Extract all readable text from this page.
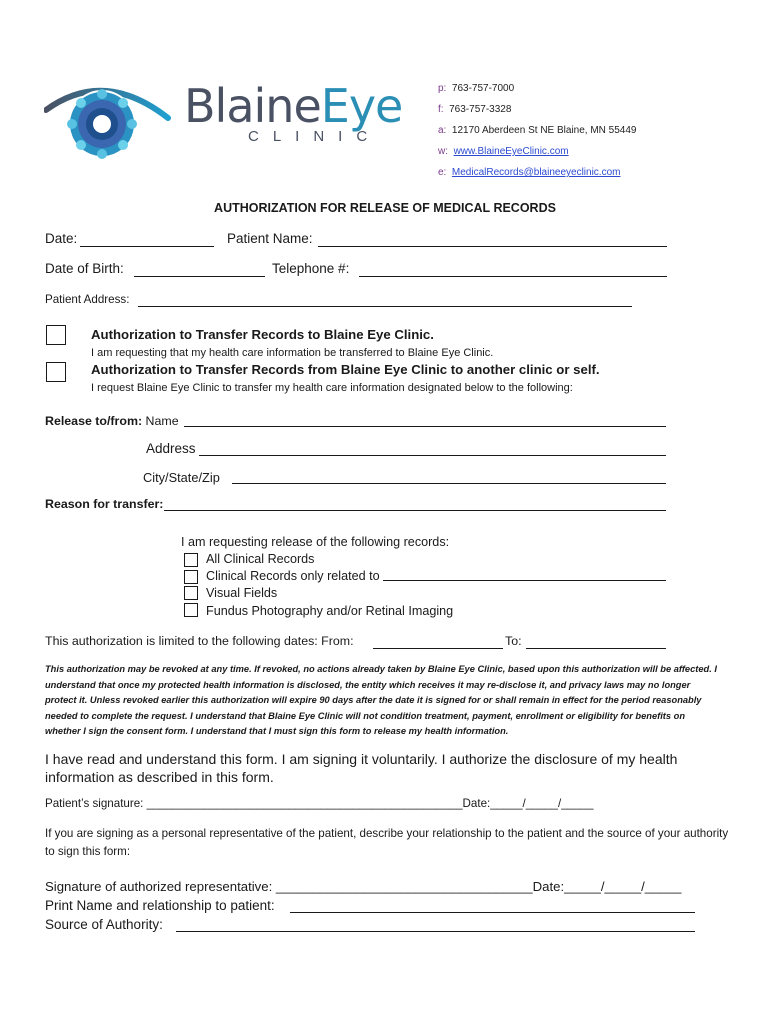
BlaineEye
CLINIC
p: 763-757-7000
f: 763-757-3328
a: 12170 Aberdeen St NE Blaine, MN 55449
w: www.BlaineEyeClinic.com
e: MedicalRecords@blaineeyeclinic.com
AUTHORIZATION FOR RELEASE OF MEDICAL RECORDS
Date:	Patient Name:
Date of Birth:	Telephone #:
Patient Address:
Authorization to Transfer Records to Blaine Eye Clinic.
I am requesting that my health care information be transferred to Blaine Eye Clinic.
Authorization to Transfer Records from Blaine Eye Clinic to another clinic or self.
I request Blaine Eye Clinic to transfer my health care information designated below to the following:
Release to/from: Name
Address
City/State/Zip
Reason for transfer:
I am requesting release of the following records:
All Clinical Records
Clinical Records only related to
Visual Fields
Fundus Photography and/or Retinal Imaging
This authorization is limited to the following dates: From:	To:
This authorization may be revoked at any time. If revoked, no actions already taken by Blaine Eye Clinic, based upon this authorization will be affected. I understand that once my protected health information is disclosed, the entity which receives it may re-disclose it, and privacy laws may no longer protect it. Unless revoked earlier this authorization will expire 90 days after the date it is signed for or shall remain in effect for the period reasonably needed to complete the request. I understand that Blaine Eye Clinic will not condition treatment, payment, enrollment or eligibility for benefits on whether I sign the consent form. I understand that I must sign this form to release my health information.
I have read and understand this form. I am signing it voluntarily. I authorize the disclosure of my health information as described in this form.
Patient’s signature: _________________________________________________Date:_____/_____/_____
If you are signing as a personal representative of the patient, describe your relationship to the patient and the source of your authority to sign this form:
Signature of authorized representative: ___________________________________Date:_____/_____/_____
Print Name and relationship to patient:
Source of Authority:
